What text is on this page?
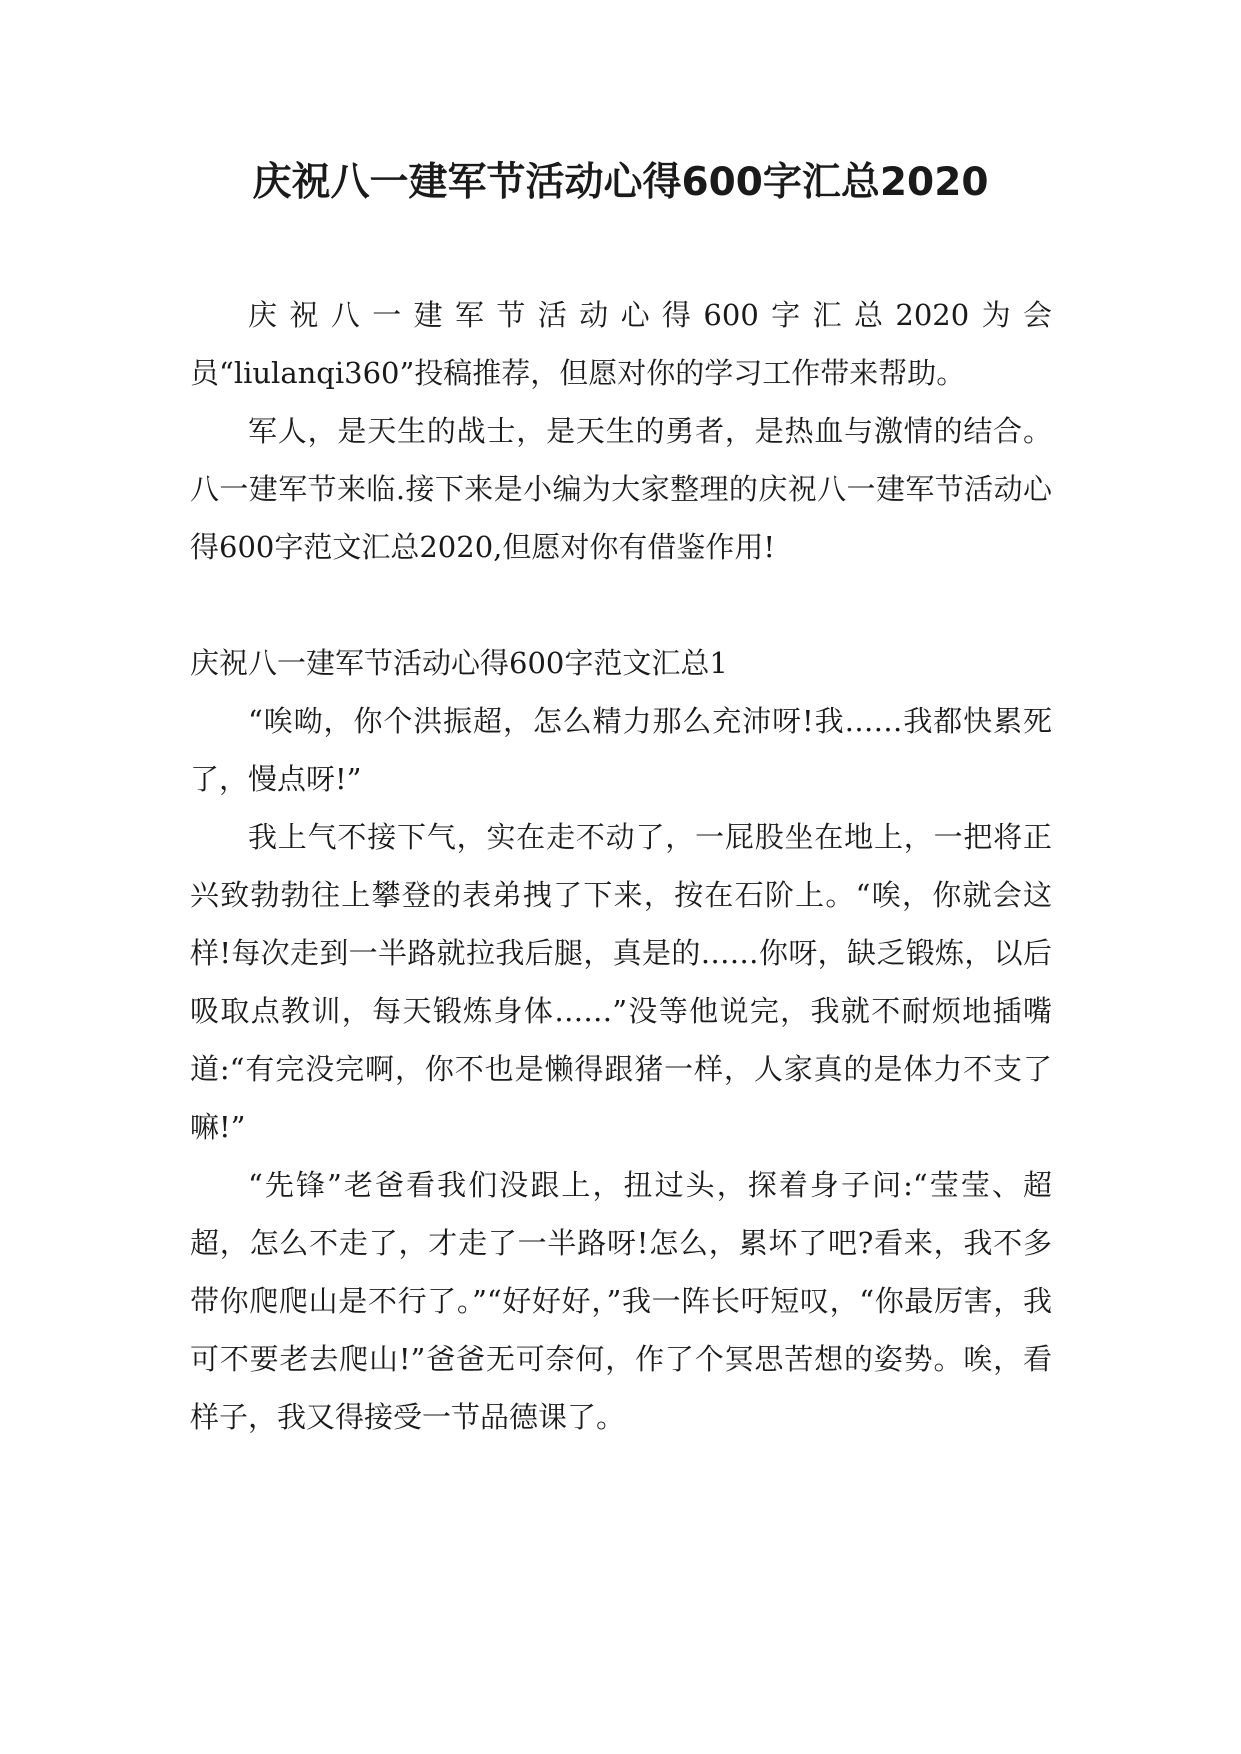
庆祝八一建军节活动心得600字汇总2020

庆祝八一建军节活动心得600字汇总2020为会员“liulanqi360”投稿推荐，但愿对你的学习工作带来帮助。

军人，是天生的战士，是天生的勇者，是热血与激情的结合。八一建军节来临.接下来是小编为大家整理的庆祝八一建军节活动心得600字范文汇总2020,但愿对你有借鉴作用!

庆祝八一建军节活动心得600字范文汇总1

“唉呦，你个洪振超，怎么精力那么充沛呀!我……我都快累死了，慢点呀!”

我上气不接下气，实在走不动了，一屁股坐在地上，一把将正兴致勃勃往上攀登的表弟拽了下来，按在石阶上。“唉，你就会这样!每次走到一半路就拉我后腿，真是的……你呀，缺乏锻炼，以后吸取点教训，每天锻炼身体……”没等他说完，我就不耐烦地插嘴道:“有完没完啊，你不也是懒得跟猪一样，人家真的是体力不支了嘛!”

“先锋”老爸看我们没跟上，扭过头，探着身子问:“莹莹、超超，怎么不走了，才走了一半路呀!怎么，累坏了吧?看来，我不多带你爬爬山是不行了。”“好好好，”我一阵长吁短叹，“你最厉害，我可不要老去爬山!”爸爸无可奈何，作了个冥思苦想的姿势。唉，看样子，我又得接受一节品德课了。
